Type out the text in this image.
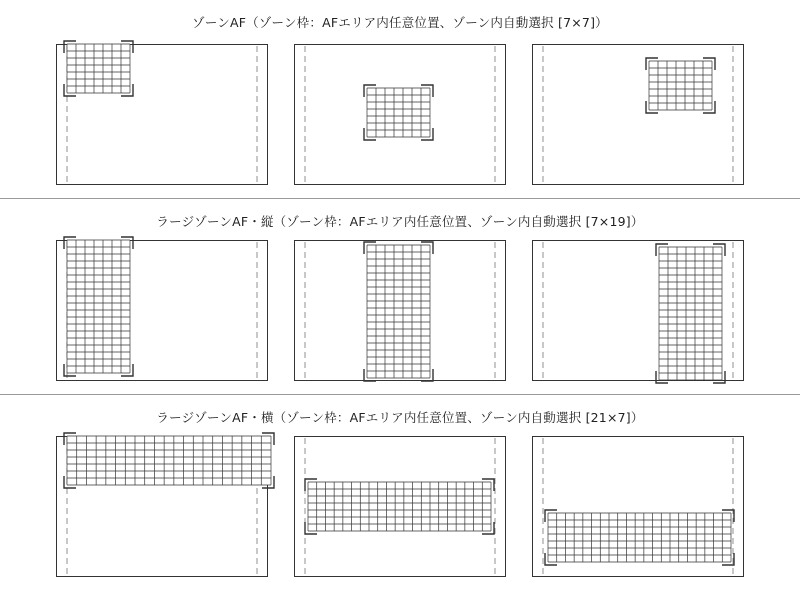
ゾーンAF（ゾーン枠：AFエリア内任意位置、ゾーン内自動選択 [7×7]）
ラージゾーンAF・縦（ゾーン枠：AFエリア内任意位置、ゾーン内自動選択 [7×19]）
ラージゾーンAF・横（ゾーン枠：AFエリア内任意位置、ゾーン内自動選択 [21×7]）
